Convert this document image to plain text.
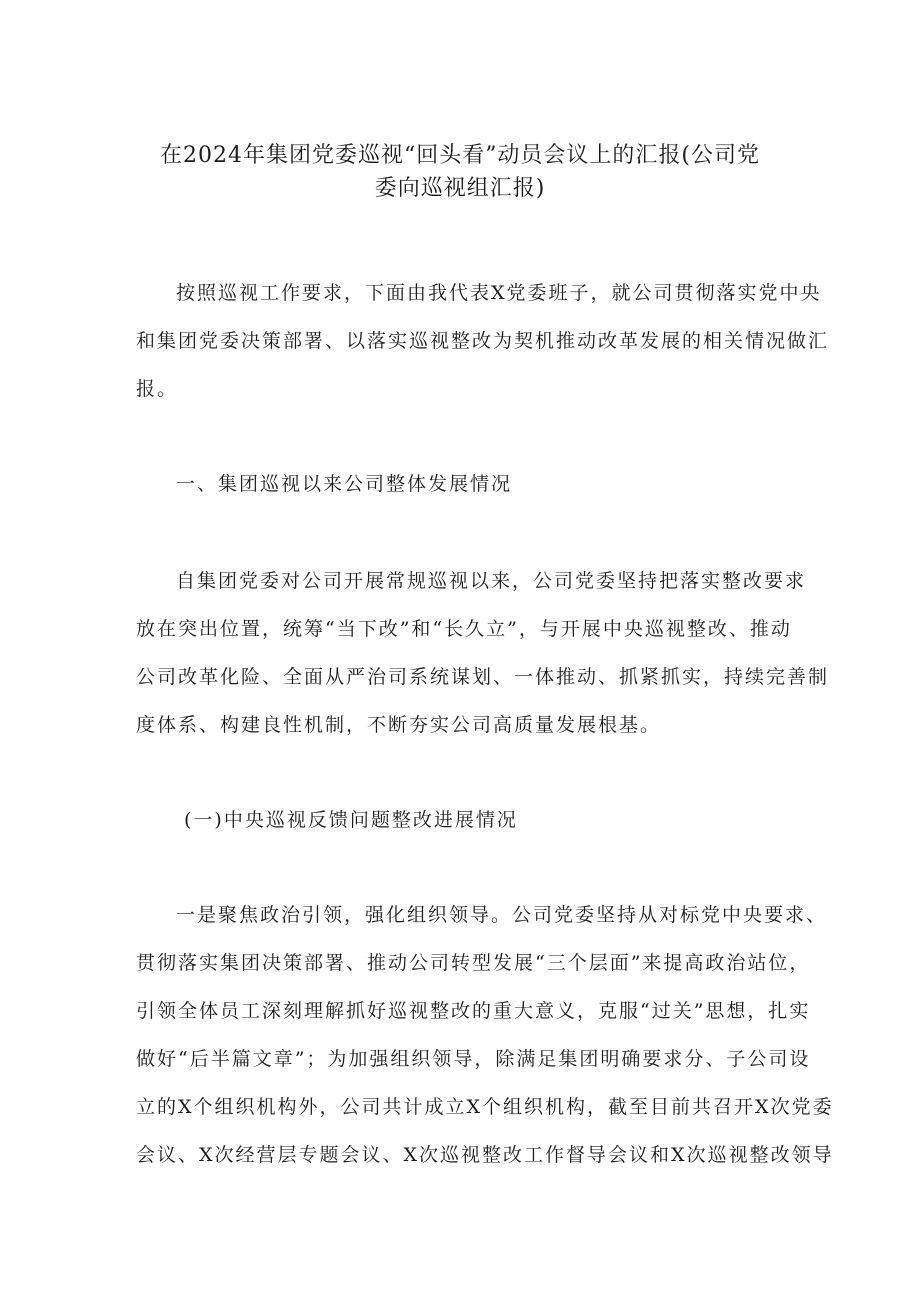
在2024年集团党委巡视“回头看”动员会议上的汇报(公司党
委向巡视组汇报)
按照巡视工作要求，下面由我代表X党委班子，就公司贯彻落实党中央
和集团党委决策部署、以落实巡视整改为契机推动改革发展的相关情况做汇
报。
一、集团巡视以来公司整体发展情况
自集团党委对公司开展常规巡视以来，公司党委坚持把落实整改要求
放在突出位置，统筹“当下改”和“长久立”，与开展中央巡视整改、推动
公司改革化险、全面从严治司系统谋划、一体推动、抓紧抓实，持续完善制
度体系、构建良性机制，不断夯实公司高质量发展根基。
(一)中央巡视反馈问题整改进展情况
一是聚焦政治引领，强化组织领导。公司党委坚持从对标党中央要求、
贯彻落实集团决策部署、推动公司转型发展“三个层面”来提高政治站位，
引领全体员工深刻理解抓好巡视整改的重大意义，克服“过关”思想，扎实
做好“后半篇文章”；为加强组织领导，除满足集团明确要求分、子公司设
立的X个组织机构外，公司共计成立X个组织机构，截至目前共召开X次党委
会议、X次经营层专题会议、X次巡视整改工作督导会议和X次巡视整改领导
